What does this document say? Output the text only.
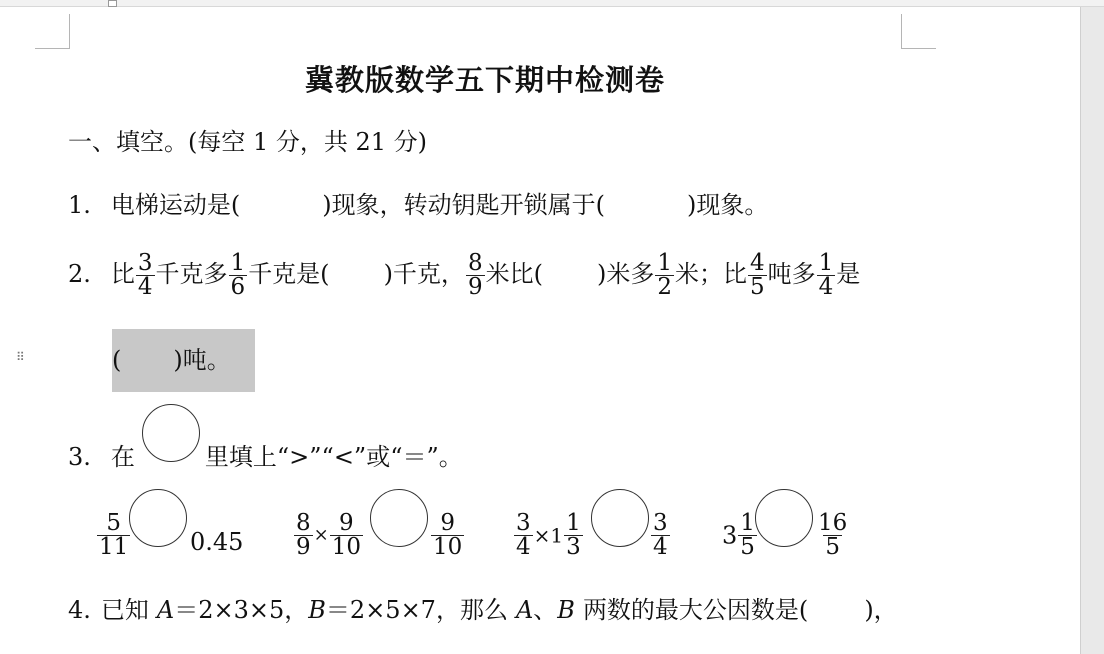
⠿
冀教版数学五下期中检测卷
一、填空。(每空 1 分，共 21 分)
1. 电梯运动是(	)现象，转动钥匙开锁属于(	)现象。
2. 比 $\frac{3}{4}$ 千克多 $\frac{1}{6}$ 千克是( )千克， $\frac{8}{9}$ 米比( )米多 $\frac{1}{2}$ 米；比 $\frac{4}{5}$ 吨多 $\frac{1}{4}$ 是
( )吨。
3. 在	里填上“>”“<”或“＝”。
$\frac{5}{11} 0.45 \frac{8}{9} \times \frac{9}{10}$	$\frac{9}{10} \frac{3}{4} \times 1 \frac{1}{3}$	$\frac{3}{4} 3 \frac{1}{5}$	$\frac{16}{5}$
4. 已知 A＝2×3×5，B＝2×5×7，那么 A、B 两数的最大公因数是( )，
